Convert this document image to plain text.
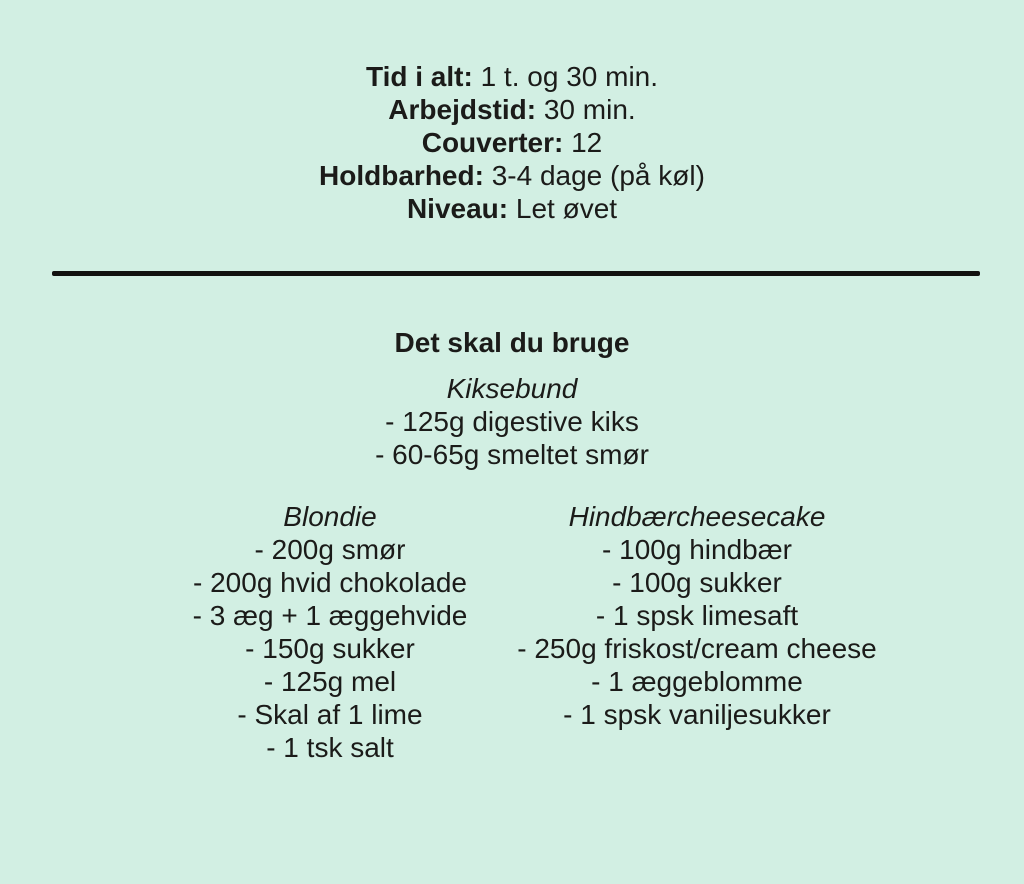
Tid i alt: 1 t. og 30 min.
Arbejdstid: 30 min.
Couverter: 12
Holdbarhed: 3-4 dage (på køl)
Niveau: Let øvet
Det skal du bruge
Kiksebund
- 125g digestive kiks
- 60-65g smeltet smør
Blondie
- 200g smør
- 200g hvid chokolade
- 3 æg + 1 æggehvide
- 150g sukker
- 125g mel
- Skal af 1 lime
- 1 tsk salt
Hindbærcheesecake
- 100g hindbær
- 100g sukker
- 1 spsk limesaft
- 250g friskost/cream cheese
- 1 æggeblomme
- 1 spsk vaniljesukker
